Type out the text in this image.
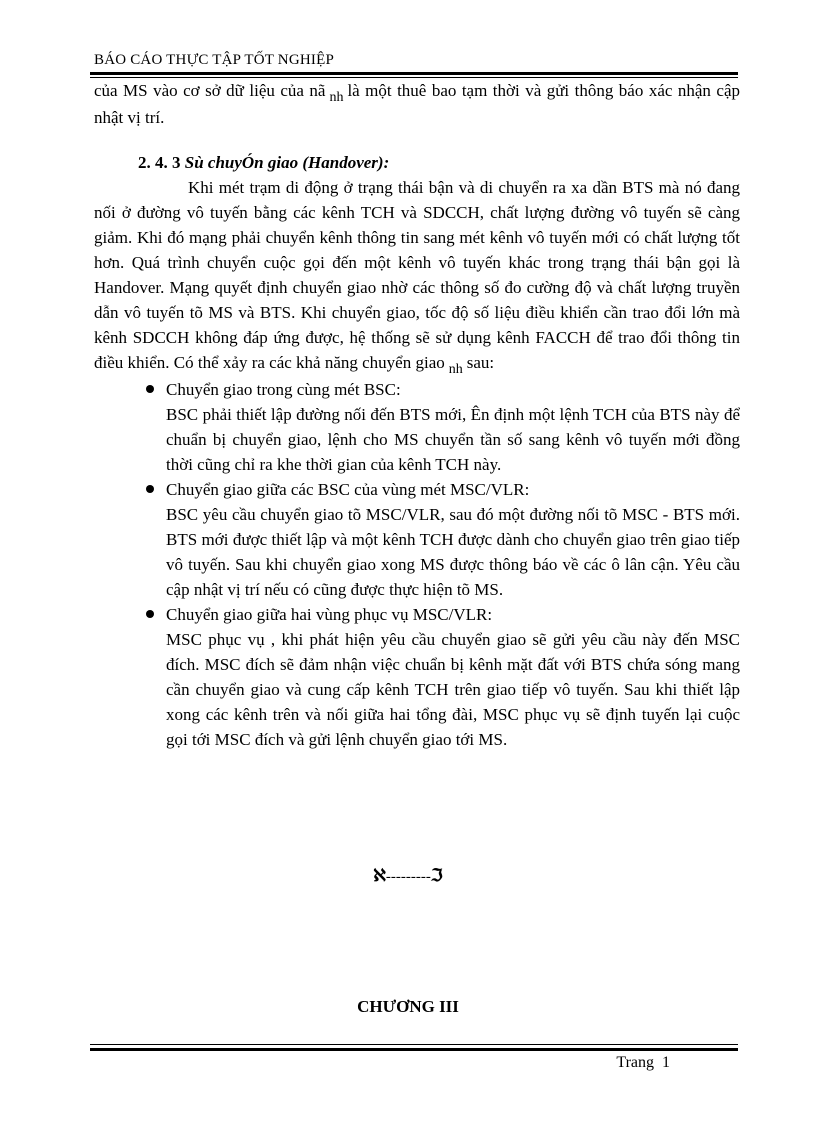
BÁO CÁO THỰC TẬP TỐT NGHIỆP

của MS vào cơ sở dữ liệu của nã $_{nh}$ là một thuê bao tạm thời và gửi thông báo xác nhận cập nhật vị trí.

2. 4. 3 Sù chuyÓn giao (Handover):

Khi mét trạm di động ở trạng thái bận và di chuyển ra xa dần BTS mà nó đang nối ở đường vô tuyến bằng các kênh TCH và SDCCH, chất lượng đường vô tuyến sẽ càng giảm. Khi đó mạng phải chuyển kênh thông tin sang mét kênh vô tuyến mới có chất lượng tốt hơn. Quá trình chuyển cuộc gọi đến một kênh vô tuyến khác trong trạng thái bận gọi là Handover. Mạng quyết định chuyển giao nhờ các thông số đo cường độ và chất lượng truyền dẫn vô tuyến tõ MS và BTS. Khi chuyển giao, tốc độ số liệu điều khiển cần trao đổi lớn mà kênh SDCCH không đáp ứng được, hệ thống sẽ sử dụng kênh FACCH để trao đổi thông tin điều khiển. Có thể xảy ra các khả năng chuyển giao $_{nh}$ sau:

Chuyển giao trong cùng mét BSC:
BSC phải thiết lập đường nối đến BTS mới, Ên định một lệnh TCH của BTS này để chuẩn bị chuyển giao, lệnh cho MS chuyển tần số sang kênh vô tuyến mới đồng thời cũng chỉ ra khe thời gian của kênh TCH này.
Chuyển giao giữa các BSC của vùng mét MSC/VLR:
BSC yêu cầu chuyển giao tõ MSC/VLR, sau đó một đường nối tõ MSC - BTS mới. BTS mới được thiết lập và một kênh TCH được dành cho chuyển giao trên giao tiếp vô tuyến. Sau khi chuyển giao xong MS được thông báo về các ô lân cận. Yêu cầu cập nhật vị trí nếu có cũng được thực hiện tõ MS.
Chuyển giao giữa hai vùng phục vụ MSC/VLR:
MSC phục vụ , khi phát hiện yêu cầu chuyển giao sẽ gửi yêu cầu này đến MSC đích. MSC đích sẽ đảm nhận việc chuẩn bị kênh mặt đất với BTS chứa sóng mang cần chuyển giao và cung cấp kênh TCH trên giao tiếp vô tuyến. Sau khi thiết lập xong các kênh trên và nối giữa hai tổng đài, MSC phục vụ sẽ định tuyến lại cuộc gọi tới MSC đích và gửi lệnh chuyển giao tới MS.
ℵ---------ℑ
CHƯƠNG III
Trang 1
